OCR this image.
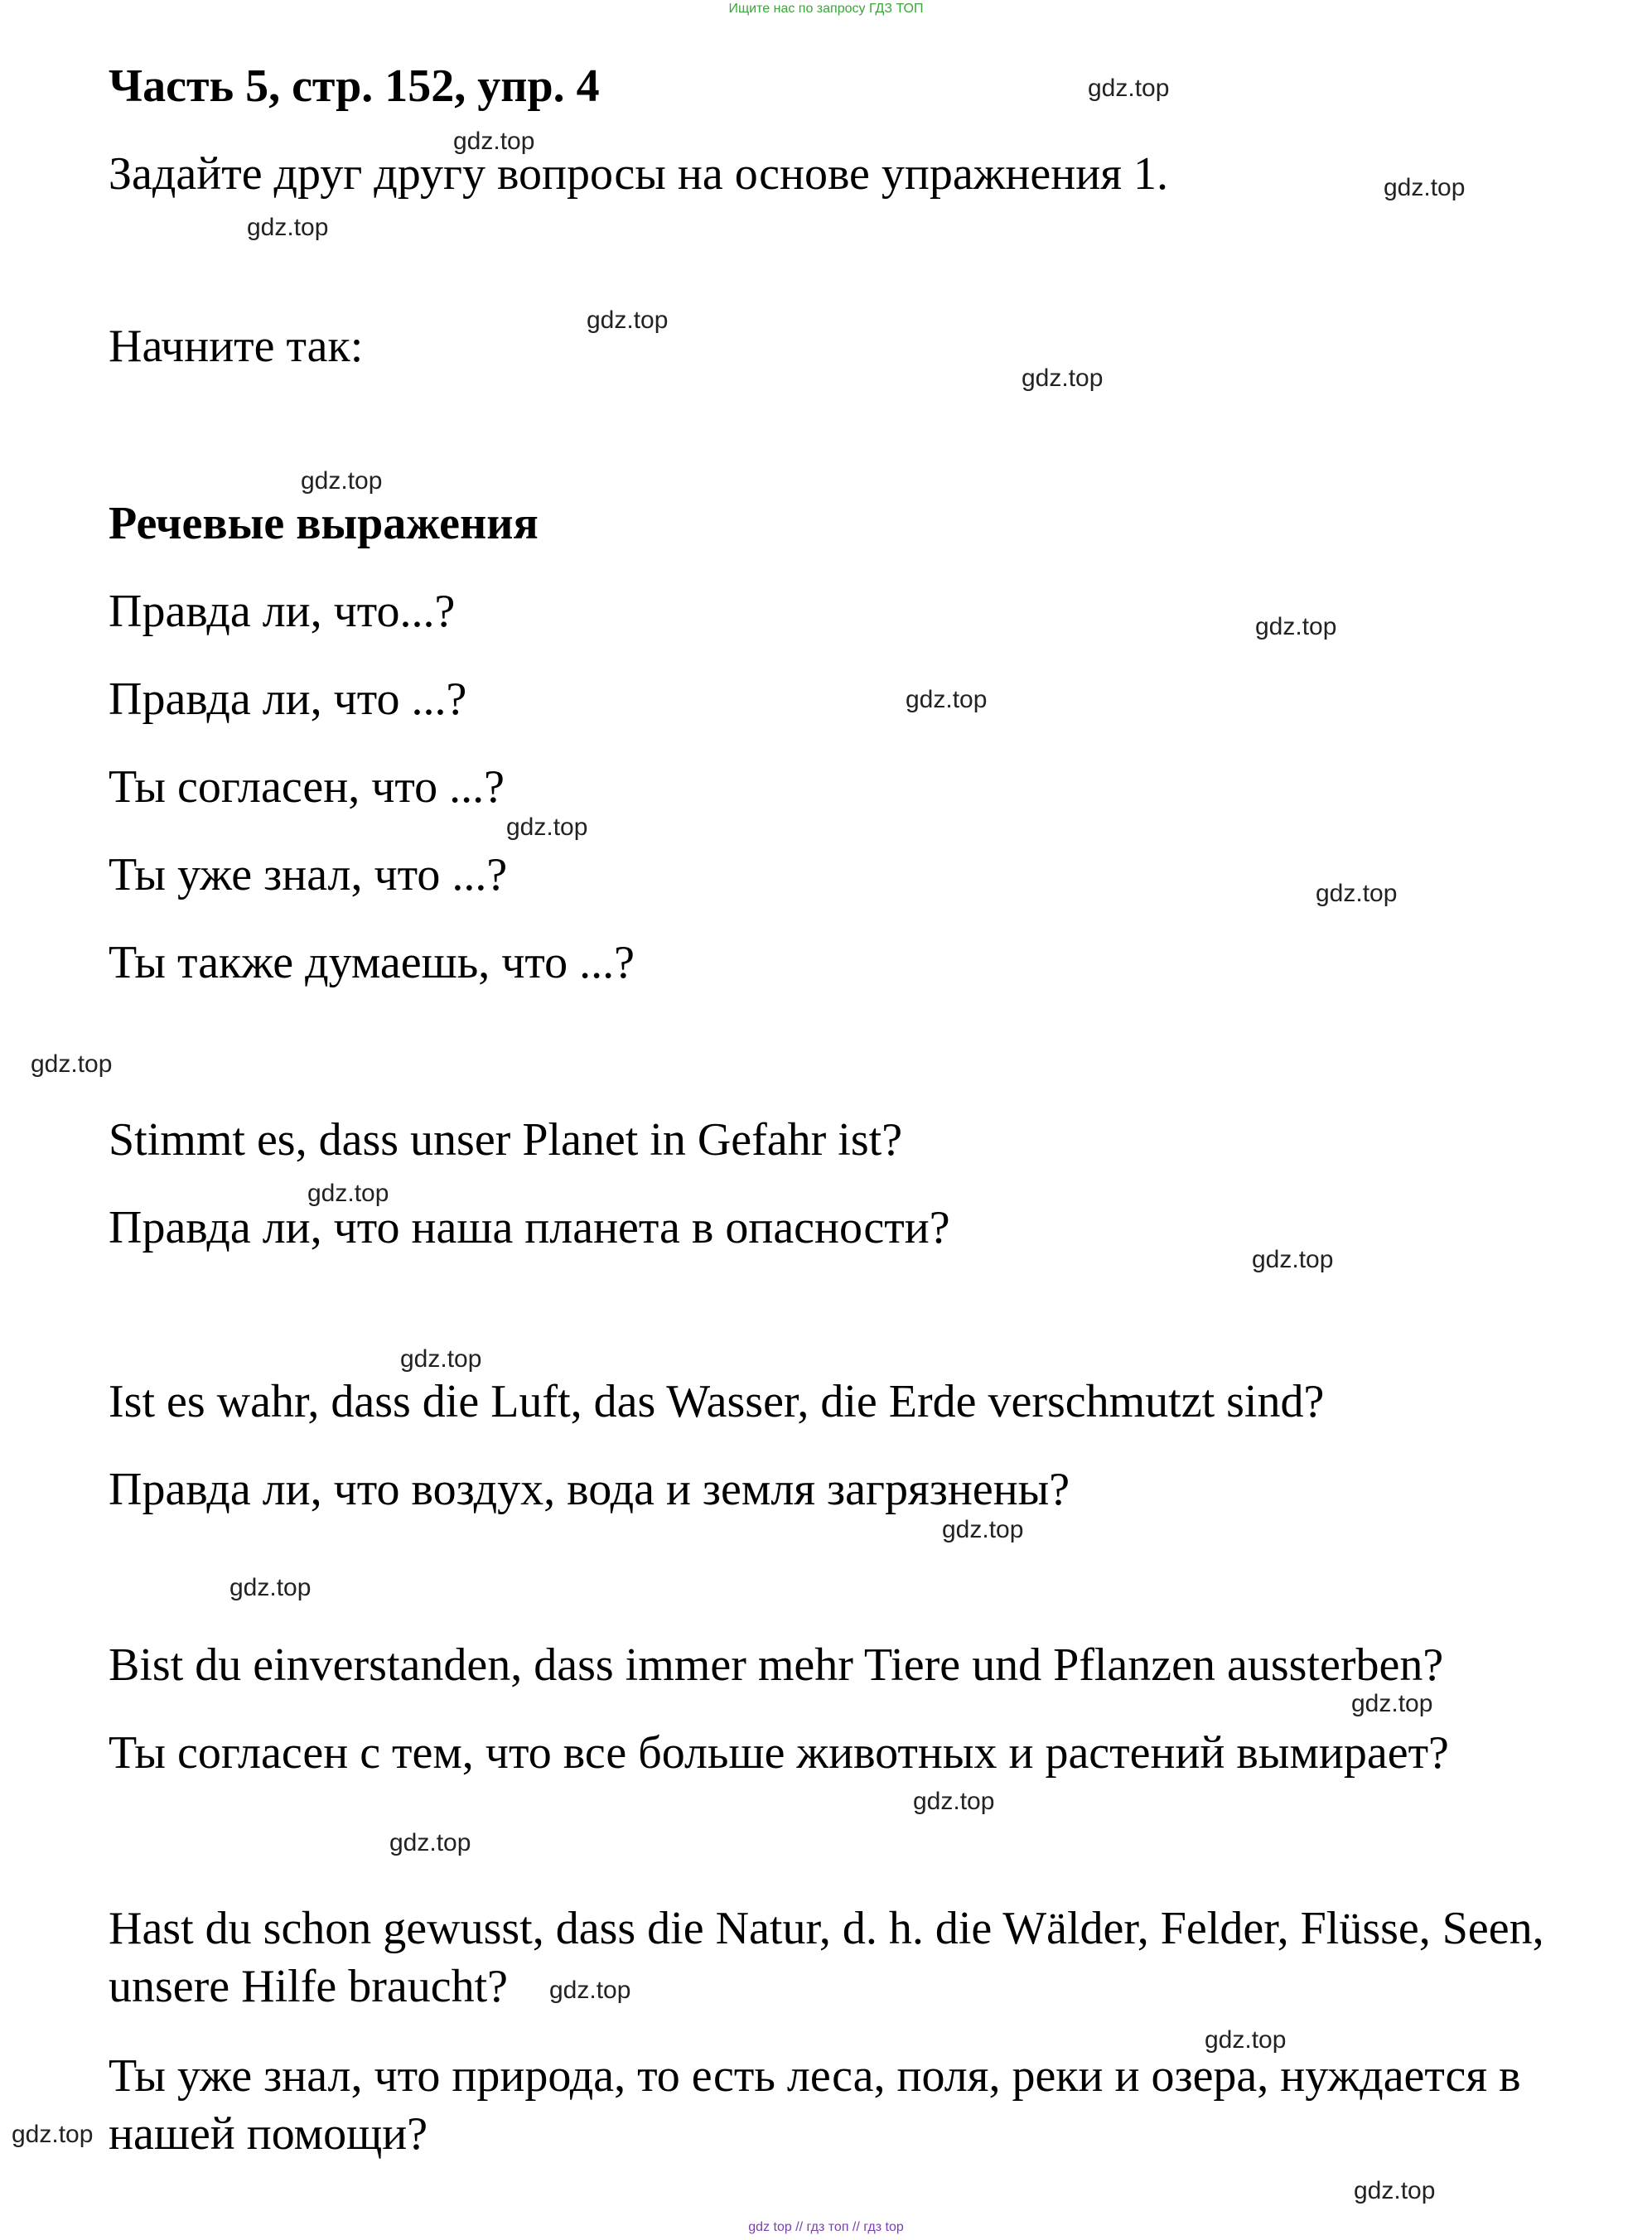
Ищите нас по запросу ГДЗ ТОП
Часть 5, стр. 152, упр. 4
Задайте друг другу вопросы на основе упражнения 1.
Начните так:
Речевые выражения
Правда ли, что...?
Правда ли, что ...?
Ты согласен, что ...?
Ты уже знал, что ...?
Ты также думаешь, что ...?
Stimmt es, dass unser Planet in Gefahr ist?
Правда ли, что наша планета в опасности?
Ist es wahr, dass die Luft, das Wasser, die Erde verschmutzt sind?
Правда ли, что воздух, вода и земля загрязнены?
Bist du einverstanden, dass immer mehr Tiere und Pflanzen aussterben?
Ты согласен с тем, что все больше животных и растений вымирает?
Hast du schon gewusst, dass die Natur, d. h. die Wälder, Felder, Flüsse, Seen,
unsere Hilfe braucht?
Ты уже знал, что природа, то есть леса, поля, реки и озера, нуждается в
нашей помощи?
gdz.top
gdz.top
gdz.top
gdz.top
gdz.top
gdz.top
gdz.top
gdz.top
gdz.top
gdz.top
gdz.top
gdz.top
gdz.top
gdz.top
gdz.top
gdz.top
gdz.top
gdz.top
gdz.top
gdz.top
gdz.top
gdz.top
gdz.top
gdz.top
gdz top // гдз топ // гдз top
